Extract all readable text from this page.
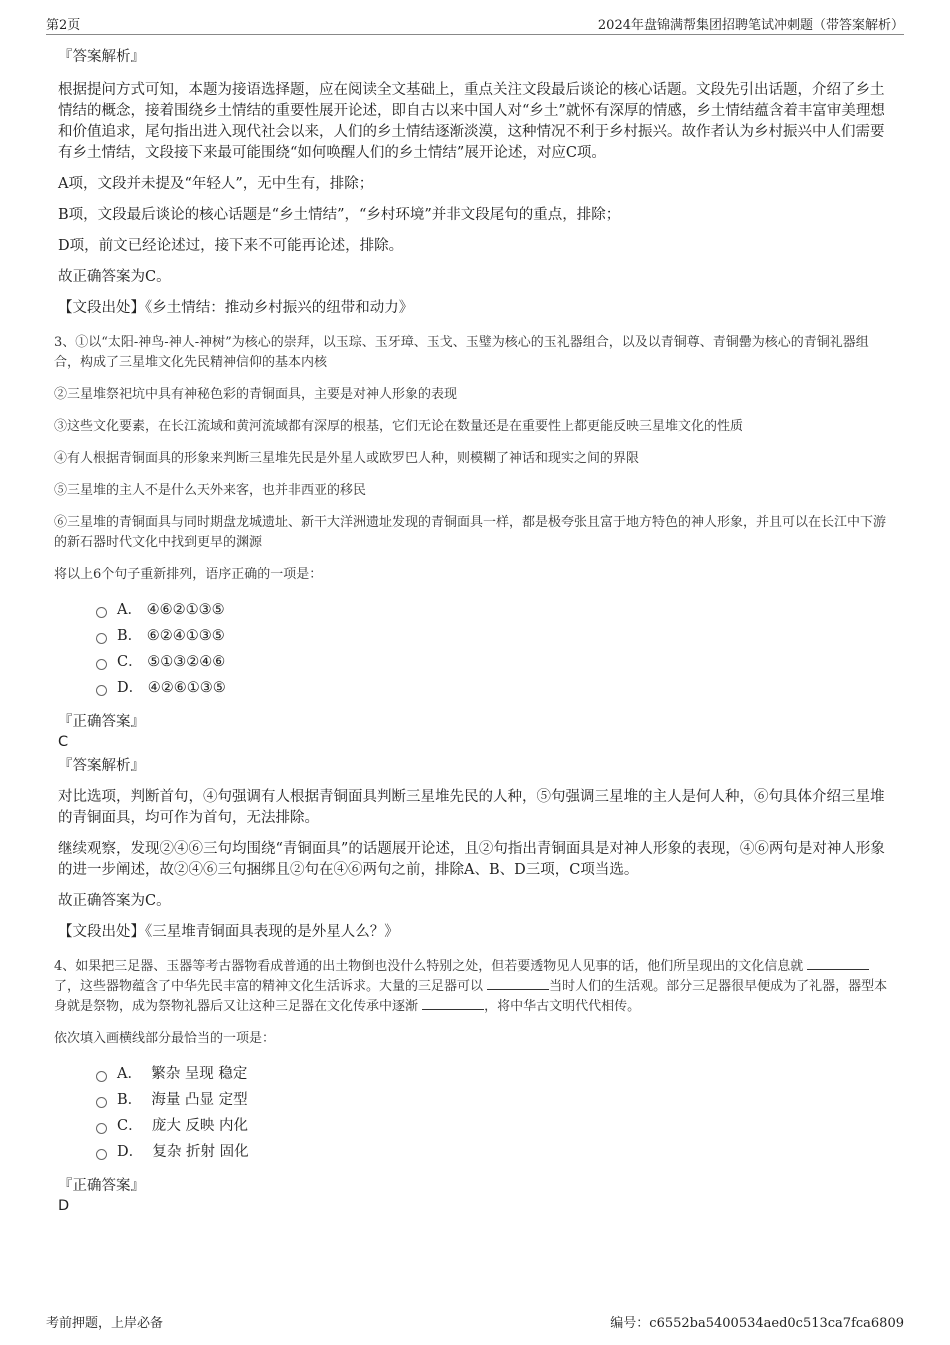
第2页	2024年盘锦满帮集团招聘笔试冲刺题（带答案解析）

『答案解析』

根据提问方式可知，本题为接语选择题，应在阅读全文基础上，重点关注文段最后谈论的核心话题。文段先引出话题，介绍了乡土情结的概念，接着围绕乡土情结的重要性展开论述，即自古以来中国人对“乡土”就怀有深厚的情感，乡土情结蕴含着丰富审美理想和价值追求，尾句指出进入现代社会以来，人们的乡土情结逐渐淡漠，这种情况不利于乡村振兴。故作者认为乡村振兴中人们需要有乡土情结，文段接下来最可能围绕“如何唤醒人们的乡土情结”展开论述，对应C项。

A项，文段并未提及“年轻人”，无中生有，排除；

B项，文段最后谈论的核心话题是“乡土情结”，“乡村环境”并非文段尾句的重点，排除；

D项，前文已经论述过，接下来不可能再论述，排除。

故正确答案为C。

【文段出处】《乡土情结：推动乡村振兴的纽带和动力》

3、①以“太阳-神鸟-神人-神树”为核心的崇拜，以玉琮、玉牙璋、玉戈、玉璧为核心的玉礼器组合，以及以青铜尊、青铜罍为核心的青铜礼器组合，构成了三星堆文化先民精神信仰的基本内核

②三星堆祭祀坑中具有神秘色彩的青铜面具，主要是对神人形象的表现

③这些文化要素，在长江流域和黄河流域都有深厚的根基，它们无论在数量还是在重要性上都更能反映三星堆文化的性质

④有人根据青铜面具的形象来判断三星堆先民是外星人或欧罗巴人种，则模糊了神话和现实之间的界限

⑤三星堆的主人不是什么天外来客，也并非西亚的移民

⑥三星堆的青铜面具与同时期盘龙城遗址、新干大洋洲遗址发现的青铜面具一样，都是极夸张且富于地方特色的神人形象，并且可以在长江中下游的新石器时代文化中找到更早的渊源

将以上6个句子重新排列，语序正确的一项是：

A．
④⑥②①③⑤
B．
⑥②④①③⑤
C．
⑤①③②④⑥
D．
④②⑥①③⑤

『正确答案』

C

『答案解析』

对比选项，判断首句，④句强调有人根据青铜面具判断三星堆先民的人种，⑤句强调三星堆的主人是何人种，⑥句具体介绍三星堆的青铜面具，均可作为首句，无法排除。

继续观察，发现②④⑥三句均围绕“青铜面具”的话题展开论述，且②句指出青铜面具是对神人形象的表现，④⑥两句是对神人形象的进一步阐述，故②④⑥三句捆绑且②句在④⑥两句之前，排除A、B、D三项，C项当选。

故正确答案为C。

【文段出处】《三星堆青铜面具表现的是外星人么？》

4、如果把三足器、玉器等考古器物看成普通的出土物倒也没什么特别之处，但若要透物见人见事的话，他们所呈现出的文化信息就  了，这些器物蕴含了中华先民丰富的精神文化生活诉求。大量的三足器可以	当时人们的生活观。部分三足器很早便成为了礼器，器型本身就是祭物，成为祭物礼器后又让这种三足器在文化传承中逐渐	，将中华古文明代代相传。

依次填入画横线部分最恰当的一项是：

A．
繁杂 呈现 稳定
B．
海量 凸显 定型
C．
庞大 反映 内化
D．
复杂 折射 固化

『正确答案』

D

考前押题，上岸必备	编号：c6552ba5400534aed0c513ca7fca6809
